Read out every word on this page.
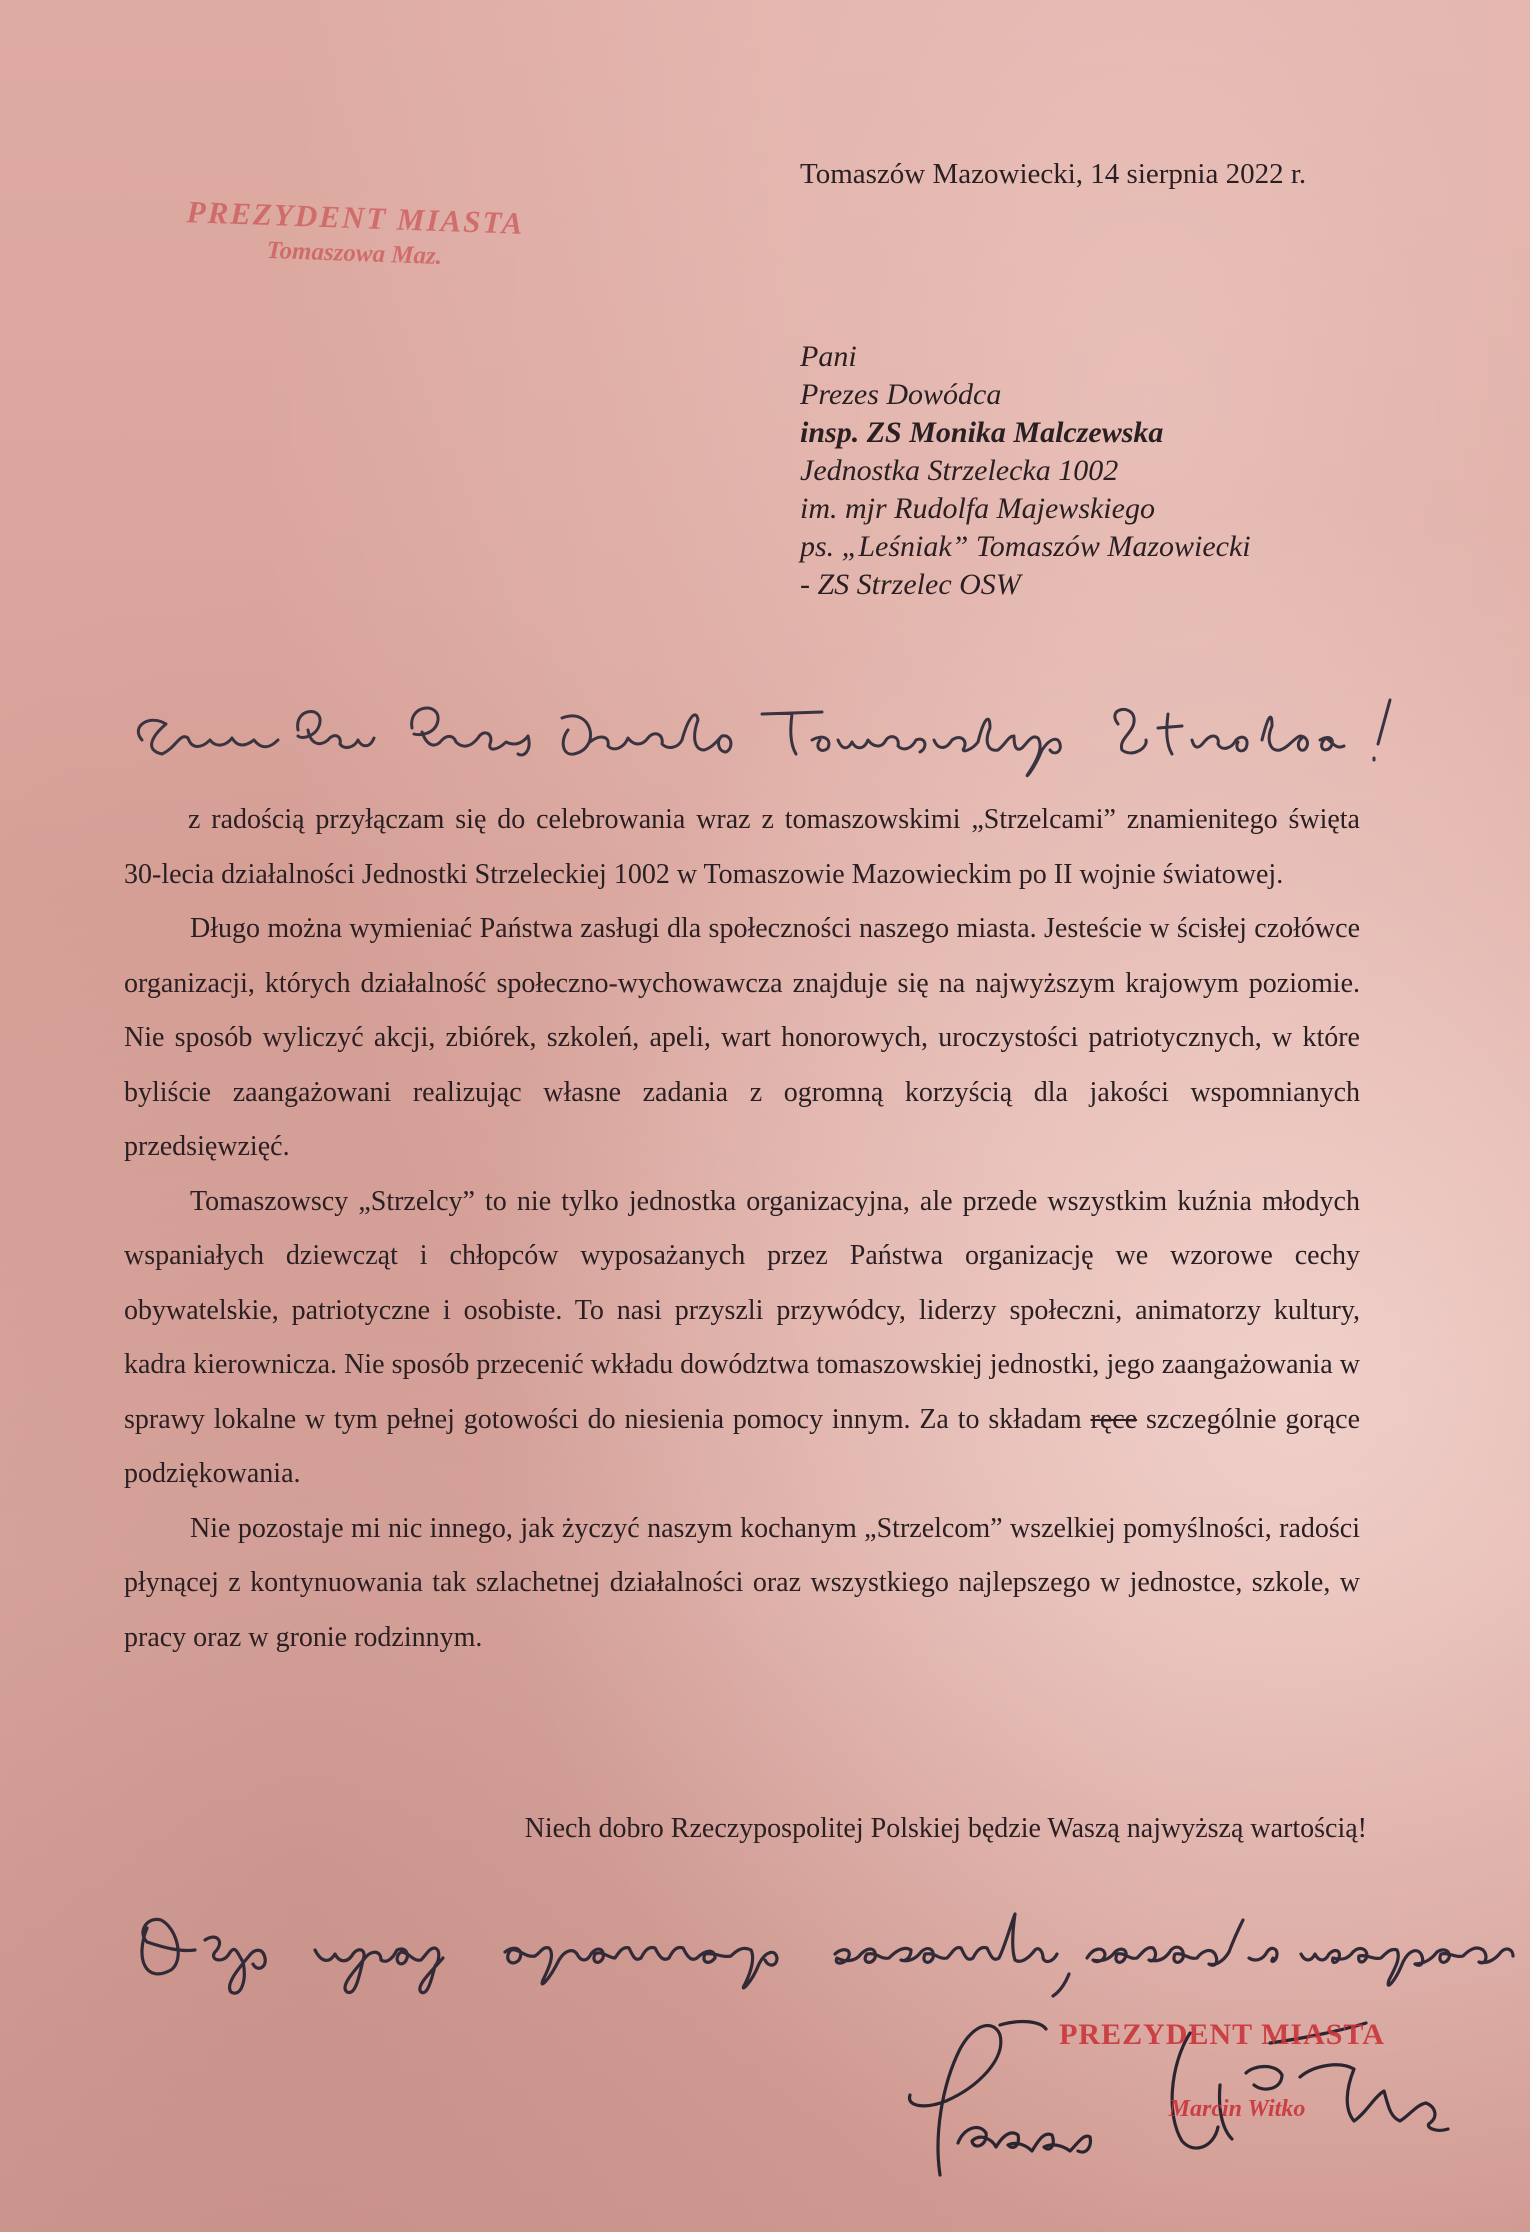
PREZYDENT MIASTA
Tomaszowa Maz.
Tomaszów Mazowiecki, 14 sierpnia 2022 r.
Pani
Prezes Dowódca
insp. ZS Monika Malczewska
Jednostka Strzelecka 1002
im. mjr Rudolfa Majewskiego
ps. „Leśniak” Tomaszów Mazowiecki
- ZS Strzelec OSW

z radością przyłączam się do celebrowania wraz z tomaszowskimi „Strzelcami” znamienitego święta 30-lecia działalności Jednostki Strzeleckiej 1002 w Tomaszowie Mazowieckim po II wojnie światowej.

Długo można wymieniać Państwa zasługi dla społeczności naszego miasta. Jesteście w ścisłej czołówce organizacji, których działalność społeczno-wychowawcza znajduje się na najwyższym krajowym poziomie. Nie sposób wyliczyć akcji, zbiórek, szkoleń, apeli, wart honorowych, uroczystości patriotycznych, w które byliście zaangażowani realizując własne zadania z ogromną korzyścią dla jakości wspomnianych przedsięwzięć.

Tomaszowscy „Strzelcy” to nie tylko jednostka organizacyjna, ale przede wszystkim kuźnia młodych wspaniałych dziewcząt i chłopców wyposażanych przez Państwa organizację we wzorowe cechy obywatelskie, patriotyczne i osobiste. To nasi przyszli przywódcy, liderzy społeczni, animatorzy kultury, kadra kierownicza. Nie sposób przecenić wkładu dowództwa tomaszowskiej jednostki, jego zaangażowania w sprawy lokalne w tym pełnej gotowości do niesienia pomocy innym. Za to składam ręce szczególnie gorące podziękowania.

Nie pozostaje mi nic innego, jak życzyć naszym kochanym „Strzelcom” wszelkiej pomyślności, radości płynącej z kontynuowania tak szlachetnej działalności oraz wszystkiego najlepszego w jednostce, szkole, w pracy oraz w gronie rodzinnym.

Niech dobro Rzeczypospolitej Polskiej będzie Waszą najwyższą wartością!
PREZYDENT MIASTA
Marcin Witko
